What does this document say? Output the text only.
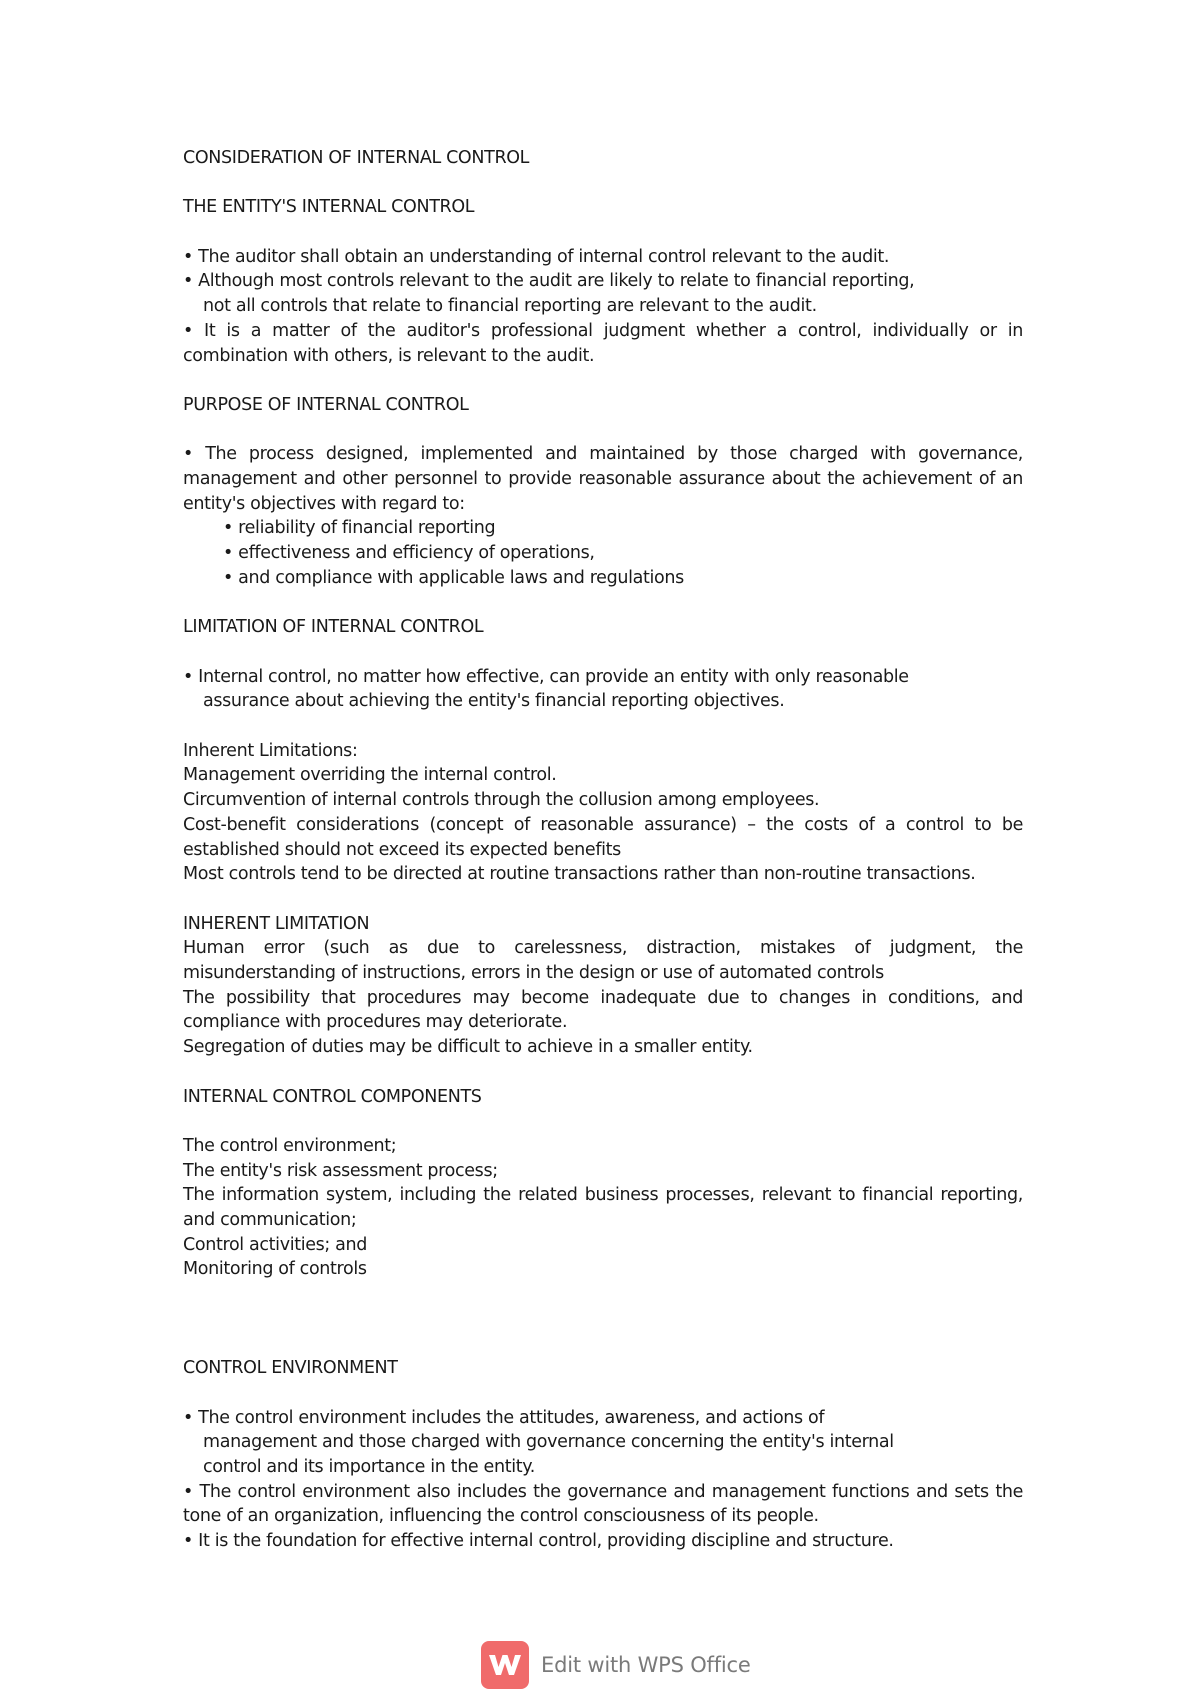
CONSIDERATION OF INTERNAL CONTROL
THE ENTITY'S INTERNAL CONTROL
• The auditor shall obtain an understanding of internal control relevant to the audit.
• Although most controls relevant to the audit are likely to relate to financial reporting,
not all controls that relate to financial reporting are relevant to the audit.
• It is a matter of the auditor's professional judgment whether a control, individually or in combination with others, is relevant to the audit.
PURPOSE OF INTERNAL CONTROL
• The process designed, implemented and maintained by those charged with governance, management and other personnel to provide reasonable assurance about the achievement of an entity's objectives with regard to:
• reliability of financial reporting
• effectiveness and efficiency of operations,
• and compliance with applicable laws and regulations
LIMITATION OF INTERNAL CONTROL
• Internal control, no matter how effective, can provide an entity with only reasonable
assurance about achieving the entity's financial reporting objectives.
Inherent Limitations:
Management overriding the internal control.
Circumvention of internal controls through the collusion among employees.
Cost-benefit considerations (concept of reasonable assurance) – the costs of a control to be established should not exceed its expected benefits
Most controls tend to be directed at routine transactions rather than non-routine transactions.
INHERENT LIMITATION
Human error (such as due to carelessness, distraction, mistakes of judgment, the misunderstanding of instructions, errors in the design or use of automated controls
The possibility that procedures may become inadequate due to changes in conditions, and compliance with procedures may deteriorate.
Segregation of duties may be difficult to achieve in a smaller entity.
INTERNAL CONTROL COMPONENTS
The control environment;
The entity's risk assessment process;
The information system, including the related business processes, relevant to financial reporting, and communication;
Control activities; and
Monitoring of controls
CONTROL ENVIRONMENT
• The control environment includes the attitudes, awareness, and actions of
management and those charged with governance concerning the entity's internal
control and its importance in the entity.
• The control environment also includes the governance and management functions and sets the tone of an organization, influencing the control consciousness of its people.
• It is the foundation for effective internal control, providing discipline and structure.
Edit with WPS Office
